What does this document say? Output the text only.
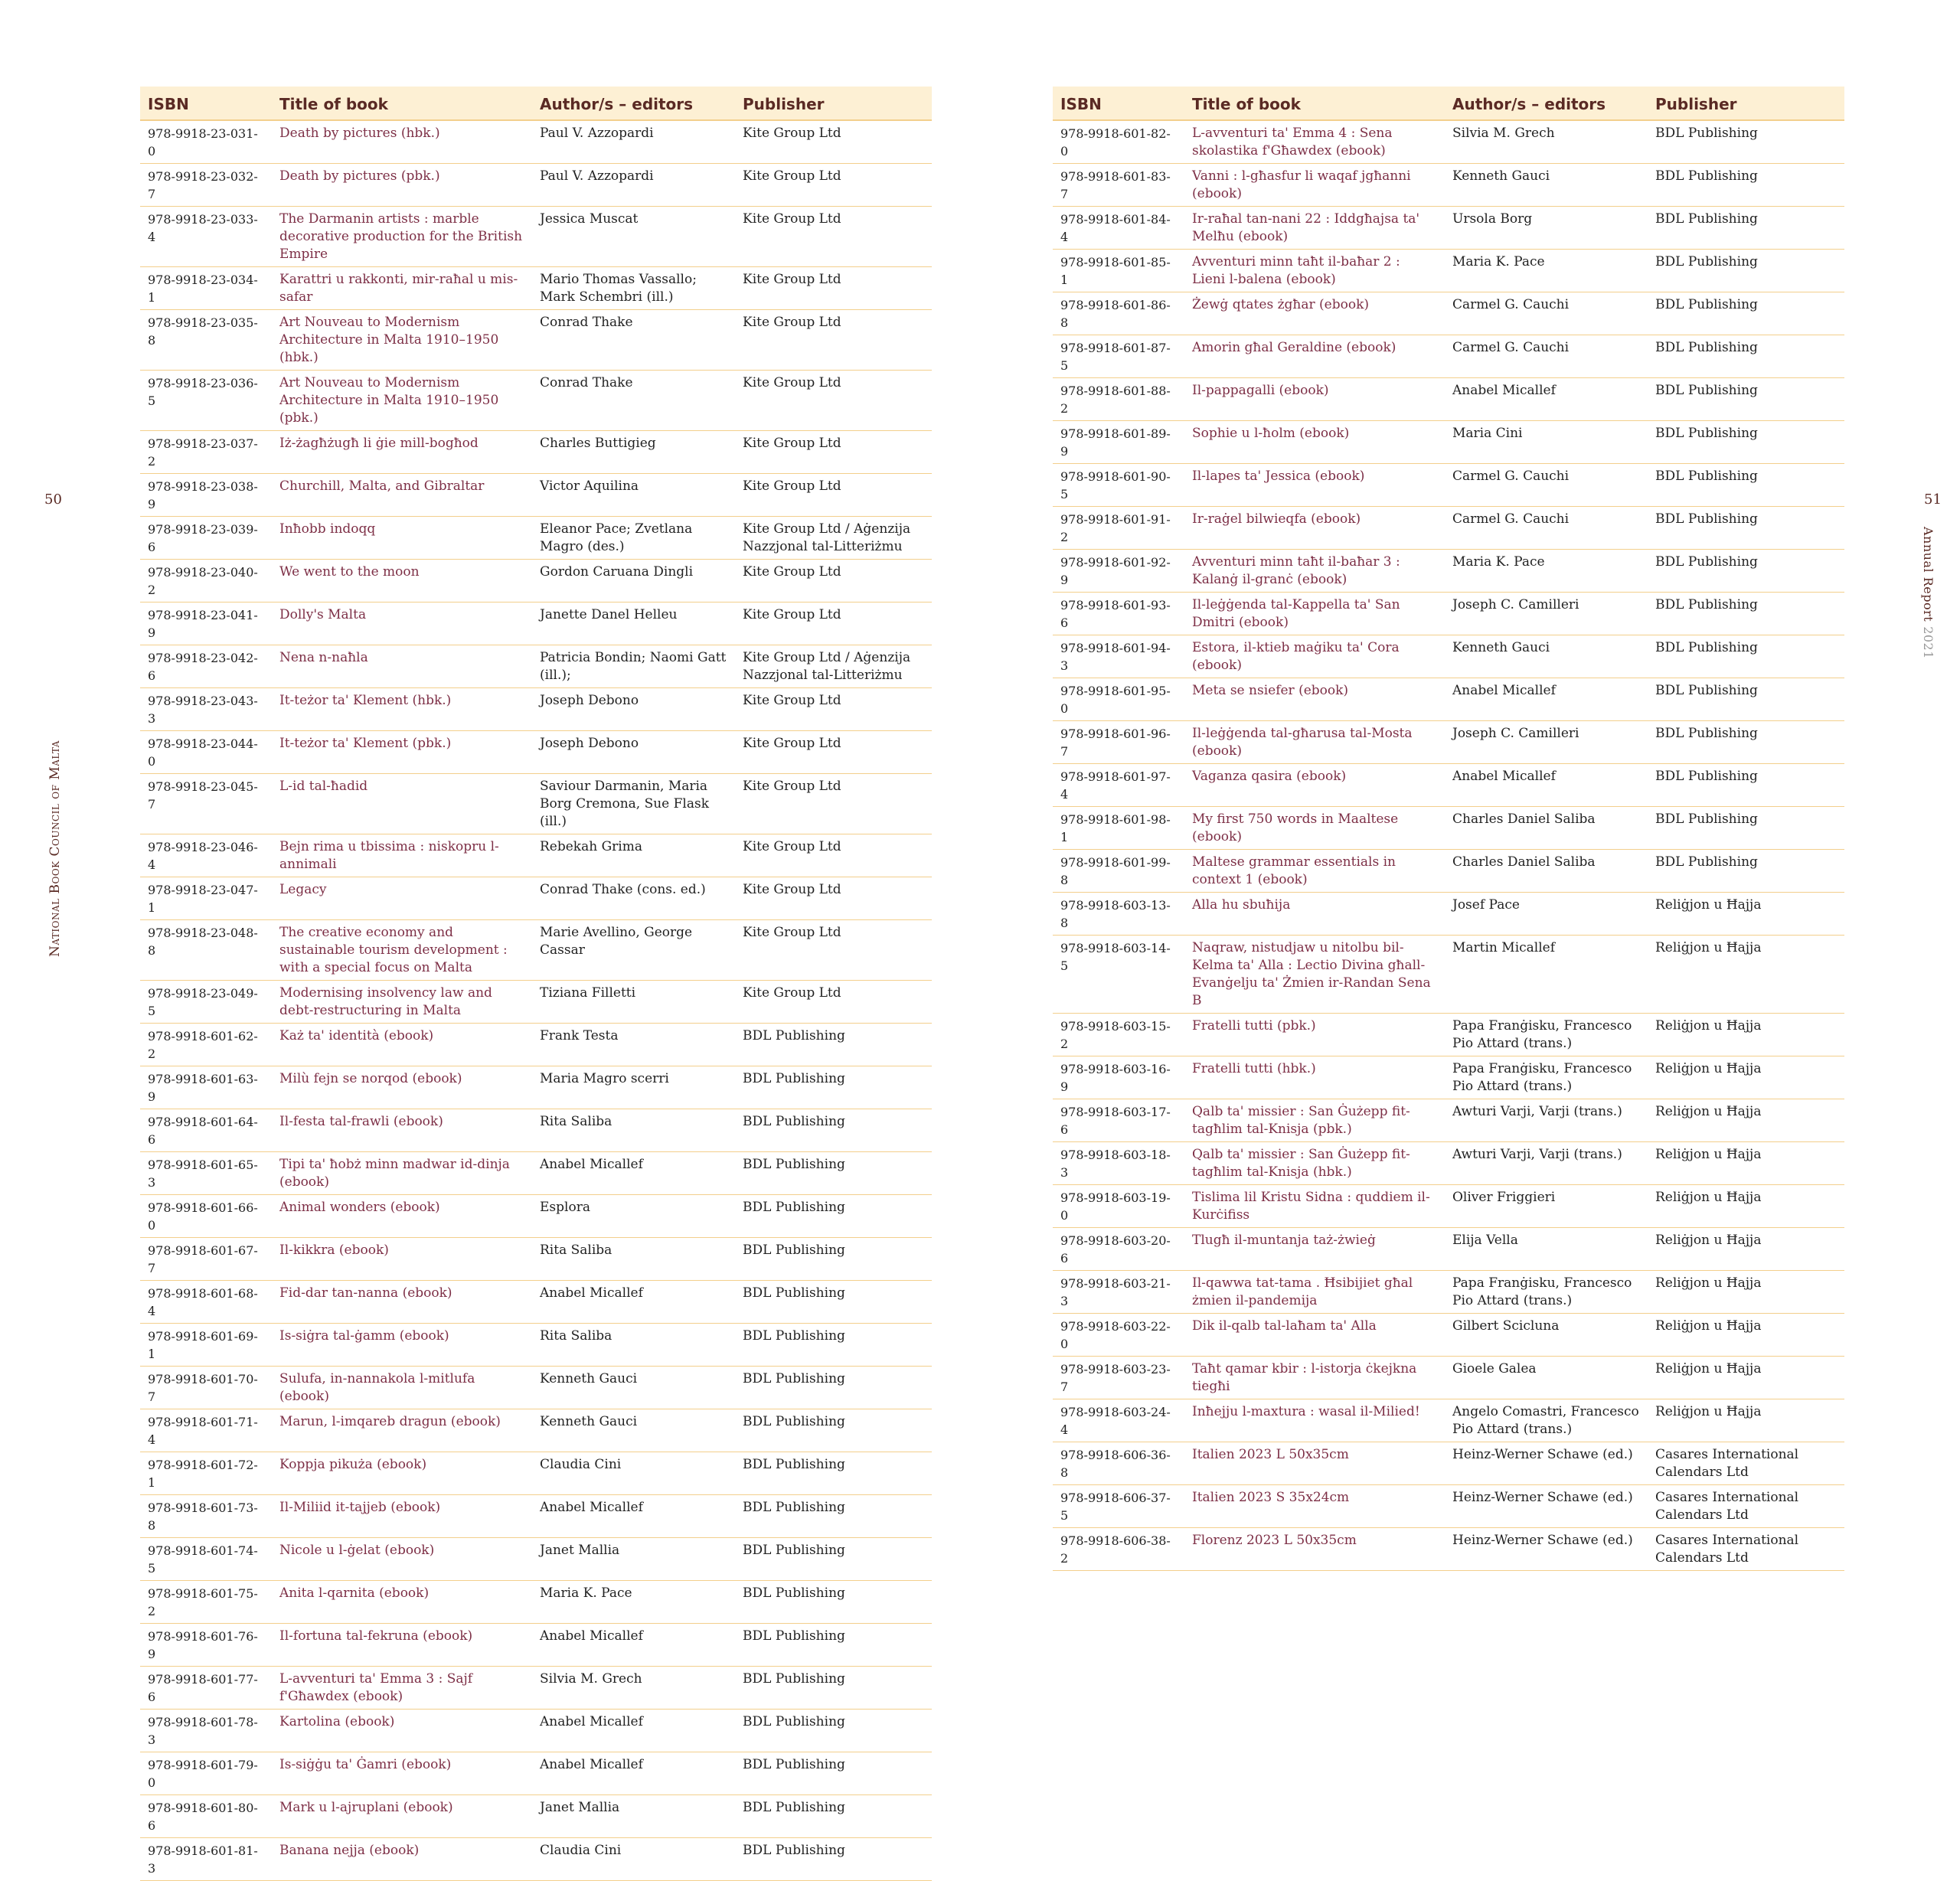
50
National Book Council of Malta
ISBN	Title of book	Author/s – editors	Publisher
978-9918-23-031-0	Death by pictures (hbk.)	Paul V. Azzopardi	Kite Group Ltd
978-9918-23-032-7	Death by pictures (pbk.)	Paul V. Azzopardi	Kite Group Ltd
978-9918-23-033-4	The Darmanin artists : marble decorative production for the British Empire	Jessica Muscat	Kite Group Ltd
978-9918-23-034-1	Karattri u rakkonti, mir-raħal u mis-safar	Mario Thomas Vassallo; Mark Schembri (ill.)	Kite Group Ltd
978-9918-23-035-8	Art Nouveau to Modernism Architecture in Malta 1910–1950 (hbk.)	Conrad Thake	Kite Group Ltd
978-9918-23-036-5	Art Nouveau to Modernism Architecture in Malta 1910–1950 (pbk.)	Conrad Thake	Kite Group Ltd
978-9918-23-037-2	Iż-żagħżugħ li ġie mill-bogħod	Charles Buttigieg	Kite Group Ltd
978-9918-23-038-9	Churchill, Malta, and Gibraltar	Victor Aquilina	Kite Group Ltd
978-9918-23-039-6	Inħobb indoqq	Eleanor Pace; Zvetlana Magro (des.)	Kite Group Ltd / Aġenzija Nazzjonal tal-Litteriżmu
978-9918-23-040-2	We went to the moon	Gordon Caruana Dingli	Kite Group Ltd
978-9918-23-041-9	Dolly's Malta	Janette Danel Helleu	Kite Group Ltd
978-9918-23-042-6	Nena n-naħla	Patricia Bondin; Naomi Gatt (ill.);	Kite Group Ltd / Aġenzija Nazzjonal tal-Litteriżmu
978-9918-23-043-3	It-teżor ta' Klement (hbk.)	Joseph Debono	Kite Group Ltd
978-9918-23-044-0	It-teżor ta' Klement (pbk.)	Joseph Debono	Kite Group Ltd
978-9918-23-045-7	L-id tal-ħadid	Saviour Darmanin, Maria Borg Cremona, Sue Flask (ill.)	Kite Group Ltd
978-9918-23-046-4	Bejn rima u tbissima : niskopru l-annimali	Rebekah Grima	Kite Group Ltd
978-9918-23-047-1	Legacy	Conrad Thake (cons. ed.)	Kite Group Ltd
978-9918-23-048-8	The creative economy and sustainable tourism development : with a special focus on Malta	Marie Avellino, George Cassar	Kite Group Ltd
978-9918-23-049-5	Modernising insolvency law and debt-restructuring in Malta	Tiziana Filletti	Kite Group Ltd
978-9918-601-62-2	Każ ta' identità (ebook)	Frank Testa	BDL Publishing
978-9918-601-63-9	Milù fejn se norqod (ebook)	Maria Magro scerri	BDL Publishing
978-9918-601-64-6	Il-festa tal-frawli (ebook)	Rita Saliba	BDL Publishing
978-9918-601-65-3	Tipi ta' ħobż minn madwar id-dinja (ebook)	Anabel Micallef	BDL Publishing
978-9918-601-66-0	Animal wonders (ebook)	Esplora	BDL Publishing
978-9918-601-67-7	Il-kikkra (ebook)	Rita Saliba	BDL Publishing
978-9918-601-68-4	Fid-dar tan-nanna (ebook)	Anabel Micallef	BDL Publishing
978-9918-601-69-1	Is-siġra tal-ġamm (ebook)	Rita Saliba	BDL Publishing
978-9918-601-70-7	Sulufa, in-nannakola l-mitlufa (ebook)	Kenneth Gauci	BDL Publishing
978-9918-601-71-4	Marun, l-imqareb dragun (ebook)	Kenneth Gauci	BDL Publishing
978-9918-601-72-1	Koppja pikuża (ebook)	Claudia Cini	BDL Publishing
978-9918-601-73-8	Il-Miliid it-tajjeb (ebook)	Anabel Micallef	BDL Publishing
978-9918-601-74-5	Nicole u l-ġelat (ebook)	Janet Mallia	BDL Publishing
978-9918-601-75-2	Anita l-qarnita (ebook)	Maria K. Pace	BDL Publishing
978-9918-601-76-9	Il-fortuna tal-fekruna (ebook)	Anabel Micallef	BDL Publishing
978-9918-601-77-6	L-avventuri ta' Emma 3 : Sajf f'Għawdex (ebook)	Silvia M. Grech	BDL Publishing
978-9918-601-78-3	Kartolina (ebook)	Anabel Micallef	BDL Publishing
978-9918-601-79-0	Is-siġġu ta' Ġamri (ebook)	Anabel Micallef	BDL Publishing
978-9918-601-80-6	Mark u l-ajruplani (ebook)	Janet Mallia	BDL Publishing
978-9918-601-81-3	Banana nejja (ebook)	Claudia Cini	BDL Publishing
51
Annual Report2021
ISBN	Title of book	Author/s – editors	Publisher
978-9918-601-82-0	L-avventuri ta' Emma 4 : Sena skolastika f'Għawdex (ebook)	Silvia M. Grech	BDL Publishing
978-9918-601-83-7	Vanni : l-għasfur li waqaf jgħanni (ebook)	Kenneth Gauci	BDL Publishing
978-9918-601-84-4	Ir-raħal tan-nani 22 : Iddgħajsa ta' Melħu (ebook)	Ursola Borg	BDL Publishing
978-9918-601-85-1	Avventuri minn taħt il-baħar 2 : Lieni l-balena (ebook)	Maria K. Pace	BDL Publishing
978-9918-601-86-8	Żewġ qtates żgħar (ebook)	Carmel G. Cauchi	BDL Publishing
978-9918-601-87-5	Amorin għal Geraldine (ebook)	Carmel G. Cauchi	BDL Publishing
978-9918-601-88-2	Il-pappagalli (ebook)	Anabel Micallef	BDL Publishing
978-9918-601-89-9	Sophie u l-ħolm (ebook)	Maria Cini	BDL Publishing
978-9918-601-90-5	Il-lapes ta' Jessica (ebook)	Carmel G. Cauchi	BDL Publishing
978-9918-601-91-2	Ir-raġel bilwieqfa (ebook)	Carmel G. Cauchi	BDL Publishing
978-9918-601-92-9	Avventuri minn taħt il-baħar 3 : Kalanġ il-granċ (ebook)	Maria K. Pace	BDL Publishing
978-9918-601-93-6	Il-leġġenda tal-Kappella ta' San Dmitri (ebook)	Joseph C. Camilleri	BDL Publishing
978-9918-601-94-3	Estora, il-ktieb maġiku ta' Cora (ebook)	Kenneth Gauci	BDL Publishing
978-9918-601-95-0	Meta se nsiefer (ebook)	Anabel Micallef	BDL Publishing
978-9918-601-96-7	Il-leġġenda tal-għarusa tal-Mosta (ebook)	Joseph C. Camilleri	BDL Publishing
978-9918-601-97-4	Vaganza qasira (ebook)	Anabel Micallef	BDL Publishing
978-9918-601-98-1	My first 750 words in Maaltese (ebook)	Charles Daniel Saliba	BDL Publishing
978-9918-601-99-8	Maltese grammar essentials in context 1 (ebook)	Charles Daniel Saliba	BDL Publishing
978-9918-603-13-8	Alla hu sbuħija	Josef Pace	Reliġjon u Ħajja
978-9918-603-14-5	Naqraw, nistudjaw u nitolbu bil-Kelma ta' Alla : Lectio Divina għall-Evanġelju ta' Żmien ir-Randan Sena B	Martin Micallef	Reliġjon u Ħajja
978-9918-603-15-2	Fratelli tutti (pbk.)	Papa Franġisku, Francesco Pio Attard (trans.)	Reliġjon u Ħajja
978-9918-603-16-9	Fratelli tutti (hbk.)	Papa Franġisku, Francesco Pio Attard (trans.)	Reliġjon u Ħajja
978-9918-603-17-6	Qalb ta' missier : San Ġużepp fit-tagħlim tal-Knisja (pbk.)	Awturi Varji, Varji (trans.)	Reliġjon u Ħajja
978-9918-603-18-3	Qalb ta' missier : San Ġużepp fit-tagħlim tal-Knisja (hbk.)	Awturi Varji, Varji (trans.)	Reliġjon u Ħajja
978-9918-603-19-0	Tislima lil Kristu Sidna : quddiem il-Kurċifiss	Oliver Friggieri	Reliġjon u Ħajja
978-9918-603-20-6	Tlugħ il-muntanja taż-żwieġ	Elija Vella	Reliġjon u Ħajja
978-9918-603-21-3	Il-qawwa tat-tama . Ħsibijiet għal żmien il-pandemija	Papa Franġisku, Francesco Pio Attard (trans.)	Reliġjon u Ħajja
978-9918-603-22-0	Dik il-qalb tal-laħam ta' Alla	Gilbert Scicluna	Reliġjon u Ħajja
978-9918-603-23-7	Taħt qamar kbir : l-istorja ċkejkna tiegħi	Gioele Galea	Reliġjon u Ħajja
978-9918-603-24-4	Inħejju l-maxtura : wasal il-Milied!	Angelo Comastri, Francesco Pio Attard (trans.)	Reliġjon u Ħajja
978-9918-606-36-8	Italien 2023 L 50x35cm	Heinz-Werner Schawe (ed.)	Casares International Calendars Ltd
978-9918-606-37-5	Italien 2023 S 35x24cm	Heinz-Werner Schawe (ed.)	Casares International Calendars Ltd
978-9918-606-38-2	Florenz 2023 L 50x35cm	Heinz-Werner Schawe (ed.)	Casares International Calendars Ltd
